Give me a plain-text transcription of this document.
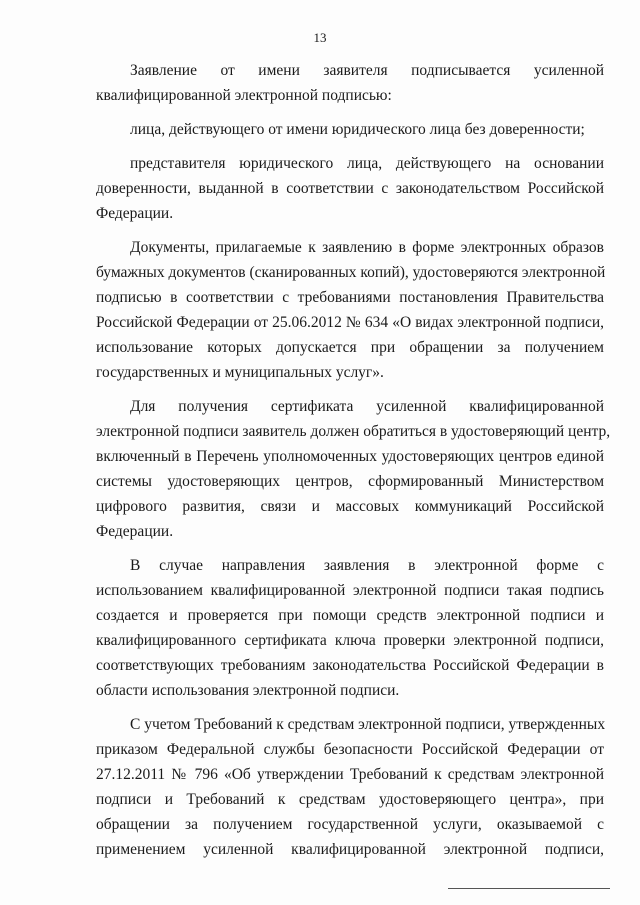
13
Заявление от имени заявителя подписывается усиленной
квалифицированной электронной подписью:
лица, действующего от имени юридического лица без доверенности;
представителя юридического лица, действующего на основании
доверенности, выданной в соответствии с законодательством Российской
Федерации.
Документы, прилагаемые к заявлению в форме электронных образов
бумажных документов (сканированных копий), удостоверяются электронной
подписью в соответствии с требованиями постановления Правительства
Российской Федерации от 25.06.2012 № 634 «О видах электронной подписи,
использование которых допускается при обращении за получением
государственных и муниципальных услуг».
Для получения сертификата усиленной квалифицированной
электронной подписи заявитель должен обратиться в удостоверяющий центр,
включенный в Перечень уполномоченных удостоверяющих центров единой
системы удостоверяющих центров, сформированный Министерством
цифрового развития, связи и массовых коммуникаций Российской
Федерации.
В случае направления заявления в электронной форме с
использованием квалифицированной электронной подписи такая подпись
создается и проверяется при помощи средств электронной подписи и
квалифицированного сертификата ключа проверки электронной подписи,
соответствующих требованиям законодательства Российской Федерации в
области использования электронной подписи.
С учетом Требований к средствам электронной подписи, утвержденных
приказом Федеральной службы безопасности Российской Федерации от
27.12.2011 № 796 «Об утверждении Требований к средствам электронной
подписи и Требований к средствам удостоверяющего центра», при
обращении за получением государственной услуги, оказываемой с
применением усиленной квалифицированной электронной подписи,
